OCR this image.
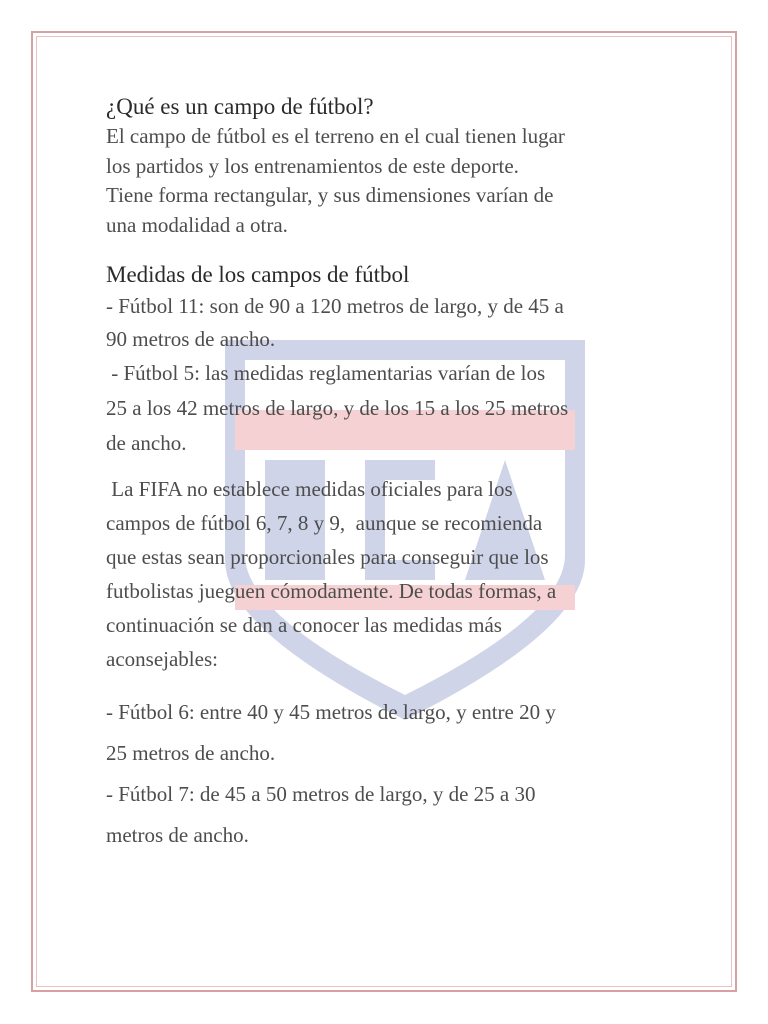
¿Qué es un campo de fútbol?

El campo de fútbol es el terreno en el cual tienen lugar
los partidos y los entrenamientos de este deporte.
Tiene forma rectangular, y sus dimensiones varían de
una modalidad a otra.

Medidas de los campos de fútbol

- Fútbol 11: son de 90 a 120 metros de largo, y de 45 a
90 metros de ancho.

- Fútbol 5: las medidas reglamentarias varían de los
25 a los 42 metros de largo, y de los 15 a los 25 metros
de ancho.

La FIFA no establece medidas oficiales para los
campos de fútbol 6, 7, 8 y 9,  aunque se recomienda
que estas sean proporcionales para conseguir que los
futbolistas jueguen cómodamente. De todas formas, a
continuación se dan a conocer las medidas más
aconsejables:

- Fútbol 6: entre 40 y 45 metros de largo, y entre 20 y
25 metros de ancho.

- Fútbol 7: de 45 a 50 metros de largo, y de 25 a 30
metros de ancho.
